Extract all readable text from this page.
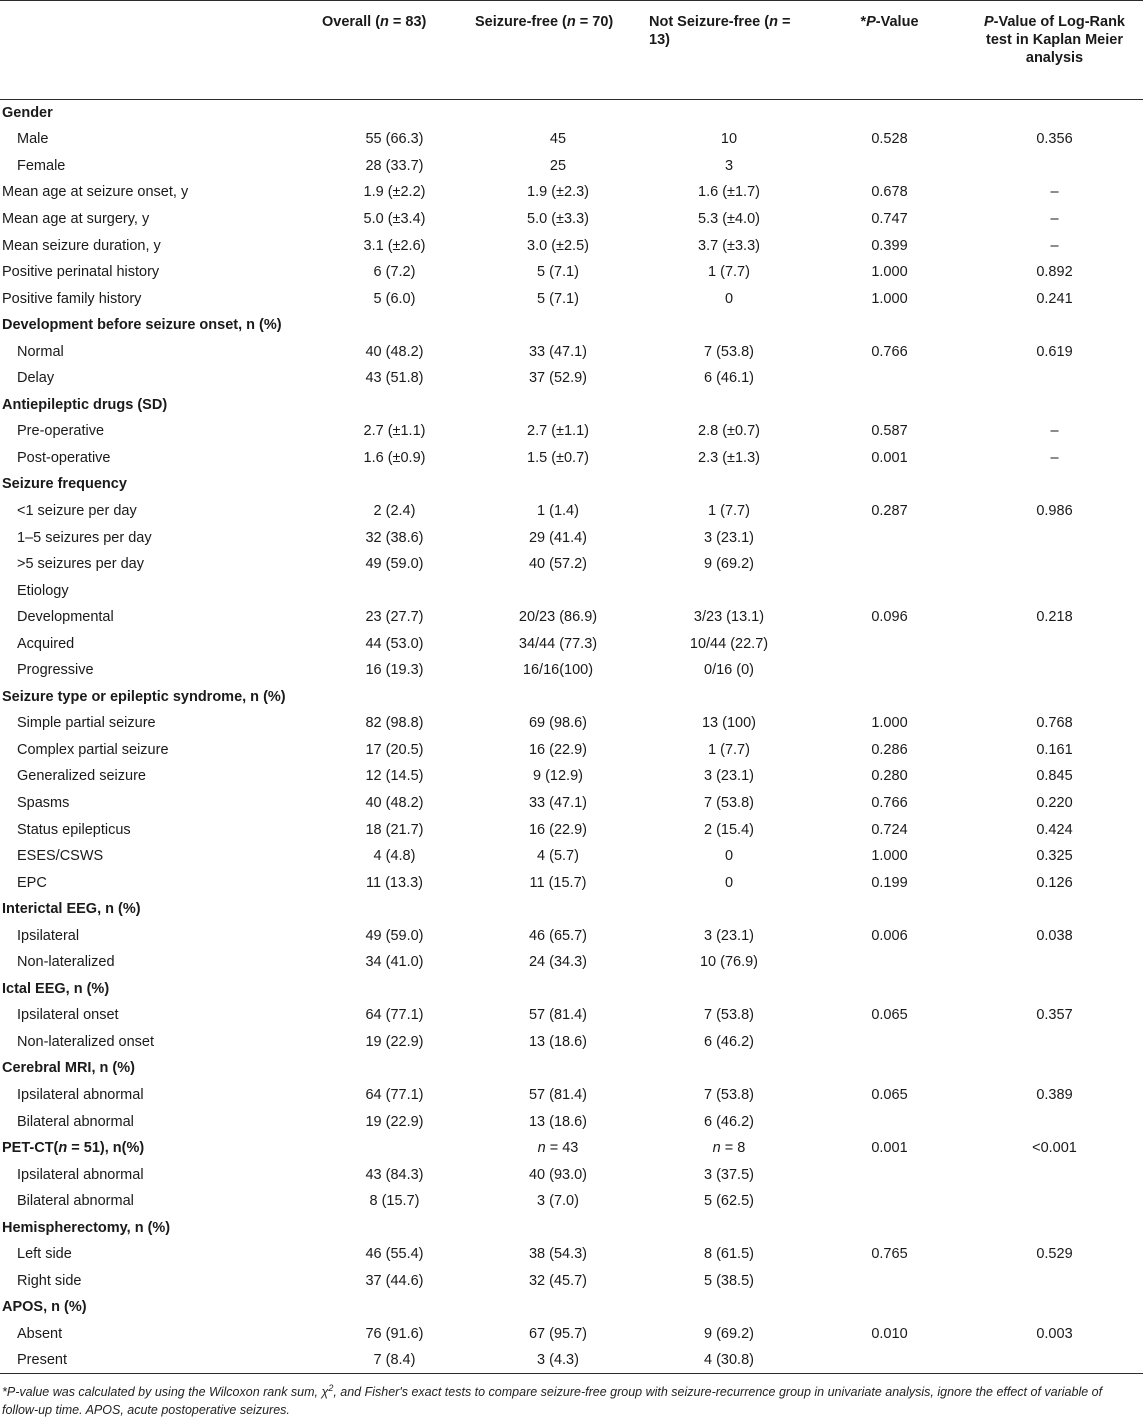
	Overall (n = 83)	Seizure-free (n = 70)	Not Seizure-free (n = 13)	*P-Value	P-Value of Log-Rank test in Kaplan Meier analysis
Gender					
Male	55 (66.3)	45	10	0.528	0.356
Female	28 (33.7)	25	3		
Mean age at seizure onset, y	1.9 (±2.2)	1.9 (±2.3)	1.6 (±1.7)	0.678	–
Mean age at surgery, y	5.0 (±3.4)	5.0 (±3.3)	5.3 (±4.0)	0.747	–
Mean seizure duration, y	3.1 (±2.6)	3.0 (±2.5)	3.7 (±3.3)	0.399	–
Positive perinatal history	6 (7.2)	5 (7.1)	1 (7.7)	1.000	0.892
Positive family history	5 (6.0)	5 (7.1)	0	1.000	0.241
Development before seizure onset, n (%)					
Normal	40 (48.2)	33 (47.1)	7 (53.8)	0.766	0.619
Delay	43 (51.8)	37 (52.9)	6 (46.1)		
Antiepileptic drugs (SD)					
Pre-operative	2.7 (±1.1)	2.7 (±1.1)	2.8 (±0.7)	0.587	–
Post-operative	1.6 (±0.9)	1.5 (±0.7)	2.3 (±1.3)	0.001	–
Seizure frequency					
<1 seizure per day	2 (2.4)	1 (1.4)	1 (7.7)	0.287	0.986
1–5 seizures per day	32 (38.6)	29 (41.4)	3 (23.1)		
>5 seizures per day	49 (59.0)	40 (57.2)	9 (69.2)		
Etiology					
Developmental	23 (27.7)	20/23 (86.9)	3/23 (13.1)	0.096	0.218
Acquired	44 (53.0)	34/44 (77.3)	10/44 (22.7)		
Progressive	16 (19.3)	16/16(100)	0/16 (0)		
Seizure type or epileptic syndrome, n (%)					
Simple partial seizure	82 (98.8)	69 (98.6)	13 (100)	1.000	0.768
Complex partial seizure	17 (20.5)	16 (22.9)	1 (7.7)	0.286	0.161
Generalized seizure	12 (14.5)	9 (12.9)	3 (23.1)	0.280	0.845
Spasms	40 (48.2)	33 (47.1)	7 (53.8)	0.766	0.220
Status epilepticus	18 (21.7)	16 (22.9)	2 (15.4)	0.724	0.424
ESES/CSWS	4 (4.8)	4 (5.7)	0	1.000	0.325
EPC	11 (13.3)	11 (15.7)	0	0.199	0.126
Interictal EEG, n (%)					
Ipsilateral	49 (59.0)	46 (65.7)	3 (23.1)	0.006	0.038
Non-lateralized	34 (41.0)	24 (34.3)	10 (76.9)		
Ictal EEG, n (%)					
Ipsilateral onset	64 (77.1)	57 (81.4)	7 (53.8)	0.065	0.357
Non-lateralized onset	19 (22.9)	13 (18.6)	6 (46.2)		
Cerebral MRI, n (%)					
Ipsilateral abnormal	64 (77.1)	57 (81.4)	7 (53.8)	0.065	0.389
Bilateral abnormal	19 (22.9)	13 (18.6)	6 (46.2)		
PET-CT(n = 51), n(%)		n = 43	n = 8	0.001	<0.001
Ipsilateral abnormal	43 (84.3)	40 (93.0)	3 (37.5)		
Bilateral abnormal	8 (15.7)	3 (7.0)	5 (62.5)		
Hemispherectomy, n (%)					
Left side	46 (55.4)	38 (54.3)	8 (61.5)	0.765	0.529
Right side	37 (44.6)	32 (45.7)	5 (38.5)		
APOS, n (%)					
Absent	76 (91.6)	67 (95.7)	9 (69.2)	0.010	0.003
Present	7 (8.4)	3 (4.3)	4 (30.8)		
*P-value was calculated by using the Wilcoxon rank sum, $\chi^2$, and Fisher's exact tests to compare seizure-free group with seizure-recurrence group in univariate analysis, ignore the effect of variable of follow-up time. APOS, acute postoperative seizures.
